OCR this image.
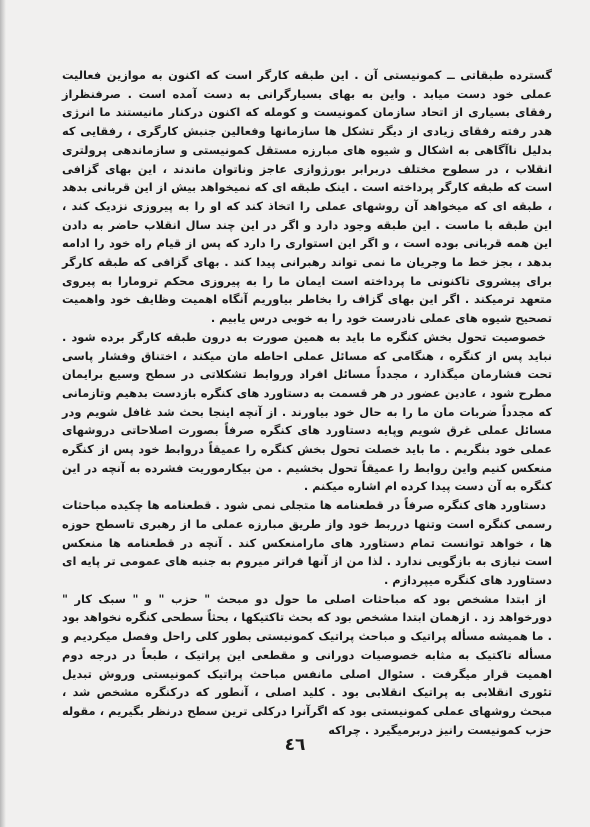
گسترده طبقاتی ــ کمونیستی آن . این طبقه کارگر است که اکنون به موازین فعالیت عملی خود دست میابد . واین به بهای بسیارگرانی به دست آمده است . صرفنظراز رفقای بسیاری از اتحاد سازمان کمونیست و کومله که اکنون درکنار مانیستند ما انرژی هدر رفته رفقای زیادی از دیگر تشکل ها سازمانها وفعالین جنبش کارگری ، رفقایی که بدلیل ناآگاهی به اشکال و شیوه های مبارزه مستقل کمونیستی و سازماندهی پرولتری انقلاب ، در سطوح مختلف دربرابر بورژوازی عاجز وناتوان ماندند ، این بهای گزافی است که طبقه کارگر پرداخته است . اینک طبقه ای که نمیخواهد بیش از این قربانی بدهد ، طبقه ای که میخواهد آن روشهای عملی را اتخاذ کند که او را به پیروزی نزدیک کند ، این طبقه با ماست . این طبقه وجود دارد و اگر در این چند سال انقلاب حاضر به دادن این همه قربانی بوده است ، و اگر این استواری را دارد که پس از قیام راه خود را ادامه بدهد ، بجز خط ما وجریان ما نمی تواند رهبرانی پیدا کند . بهای گزافی که طبقه کارگر برای پیشروی تاکنونی ما پرداخته است ایمان ما را به پیروزی محکم ترومارا به پیروی متعهد ترمیکند . اگر این بهای گزاف را بخاطر بیاوریم آنگاه اهمیت وظایف خود واهمیت تصحیح شیوه های عملی نادرست خود را به خوبی درس یابیم .

خصوصیت تحول بخش کنگره ما باید به همین صورت به درون طبقه کارگر برده شود . نباید پس از کنگره ، هنگامی که مسائل عملی احاطه مان میکند ، اختناق وفشار پاسی تحت فشارمان میگذارد ، مجدداً مسائل افراد وروابط تشکلاتی در سطح وسیع برایمان مطرح شود ، عادین عضور در هر قسمت به دستاورد های کنگره بازدست بدهیم وتازمانی که مجدداً ضربات مان ما را به حال خود بیاورند . از آنچه اینجا بحث شد غافل شویم ودر مسائل عملی غرق شویم وپایه دستاورد های کنگره صرفاً بصورت اصلاحاتی دروشهای عملی خود بنگریم . ما باید خصلت تحول بخش کنگره را عمیقاً دروابط خود پس از کنگره منعکس کنیم واین روابط را عمیقاً تحول بخشیم . من بیکارموریت فشرده به آنچه در این کنگره به آن دست پیدا کرده ام اشاره میکنم .

دستاورد های کنگره صرفاً در قطعنامه ها متجلی نمی شود . قطعنامه ها چکیده مباحثات رسمی کنگره است وتنها درربط خود واز طریق مبارزه عملی ما از رهبری تاسطح حوزه ها ، خواهد توانست تمام دستاورد های مارامنعکس کند . آنچه در قطعنامه ها منعکس است نیازی به بازگویی ندارد . لذا من از آنها فراتر میروم به جنبه های عمومی تر پایه ای دستاورد های کنگره میپردازم .

از ابتدا مشخص بود که مباحثات اصلی ما حول دو مبحث " حزب " و " سبک کار " دورخواهد زد . ازهمان ابتدا مشخص بود که بحث تاکتیکها ، بحثاً سطحی کنگره نخواهد بود . ما همیشه مسأله پراتیک و مباحث پراتیک کمونیستی بطور کلی راحل وفصل میکردیم و مسأله تاکتیک به مثابه خصوصیات دورانی و مقطعی این پراتیک ، طبعاً در درجه دوم اهمیت قرار میگرفت . سئوال اصلی مانفس مباحث پراتیک کمونیستی وروش تبدیل تئوری انقلابی به پراتیک انقلابی بود . کلید اصلی ، آنطور که درکنگره مشخص شد ، مبحث روشهای عملی کمونیستی بود که اگرآنرا درکلی ترین سطح درنظر بگیریم ، مقوله حزب کمونیست رانیز دربرمیگیرد . چراکه

٤٦
